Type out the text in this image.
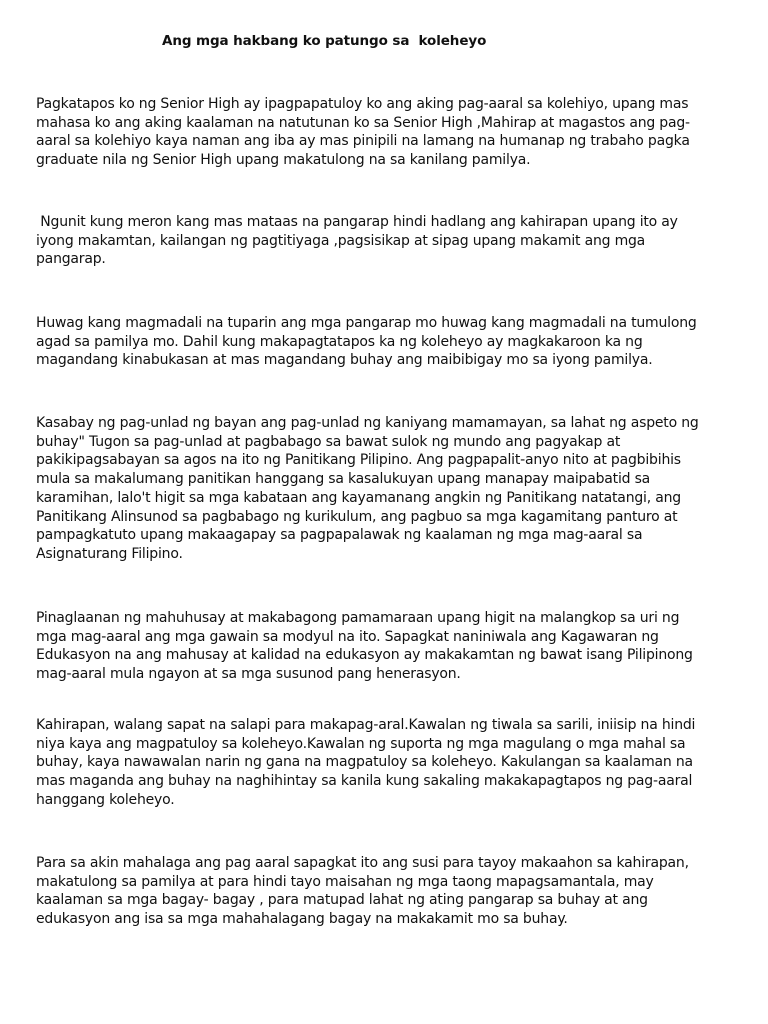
Ang mga hakbang ko patungo sa  koleheyo

Pagkatapos ko ng Senior High ay ipagpapatuloy ko ang aking pag-aaral sa kolehiyo, upang mas
mahasa ko ang aking kaalaman na natutunan ko sa Senior High ,Mahirap at magastos ang pag-
aaral sa kolehiyo kaya naman ang iba ay mas pinipili na lamang na humanap ng trabaho pagka
graduate nila ng Senior High upang makatulong na sa kanilang pamilya.

Ngunit kung meron kang mas mataas na pangarap hindi hadlang ang kahirapan upang ito ay
iyong makamtan, kailangan ng pagtitiyaga ,pagsisikap at sipag upang makamit ang mga
pangarap.

Huwag kang magmadali na tuparin ang mga pangarap mo huwag kang magmadali na tumulong
agad sa pamilya mo. Dahil kung makapagtatapos ka ng koleheyo ay magkakaroon ka ng
magandang kinabukasan at mas magandang buhay ang maibibigay mo sa iyong pamilya.

Kasabay ng pag-unlad ng bayan ang pag-unlad ng kaniyang mamamayan, sa lahat ng aspeto ng
buhay" Tugon sa pag-unlad at pagbabago sa bawat sulok ng mundo ang pagyakap at
pakikipagsabayan sa agos na ito ng Panitikang Pilipino. Ang pagpapalit-anyo nito at pagbibihis
mula sa makalumang panitikan hanggang sa kasalukuyan upang manapay maipabatid sa
karamihan, lalo't higit sa mga kabataan ang kayamanang angkin ng Panitikang natatangi, ang
Panitikang Alinsunod sa pagbabago ng kurikulum, ang pagbuo sa mga kagamitang panturo at
pampagkatuto upang makaagapay sa pagpapalawak ng kaalaman ng mga mag-aaral sa
Asignaturang Filipino.

Pinaglaanan ng mahuhusay at makabagong pamamaraan upang higit na malangkop sa uri ng
mga mag-aaral ang mga gawain sa modyul na ito. Sapagkat naniniwala ang Kagawaran ng
Edukasyon na ang mahusay at kalidad na edukasyon ay makakamtan ng bawat isang Pilipinong
mag-aaral mula ngayon at sa mga susunod pang henerasyon.

Kahirapan, walang sapat na salapi para makapag-aral.Kawalan ng tiwala sa sarili, iniisip na hindi
niya kaya ang magpatuloy sa koleheyo.Kawalan ng suporta ng mga magulang o mga mahal sa
buhay, kaya nawawalan narin ng gana na magpatuloy sa koleheyo. Kakulangan sa kaalaman na
mas maganda ang buhay na naghihintay sa kanila kung sakaling makakapagtapos ng pag-aaral
hanggang koleheyo.

Para sa akin mahalaga ang pag aaral sapagkat ito ang susi para tayoy makaahon sa kahirapan,
makatulong sa pamilya at para hindi tayo maisahan ng mga taong mapagsamantala, may
kaalaman sa mga bagay- bagay , para matupad lahat ng ating pangarap sa buhay at ang
edukasyon ang isa sa mga mahahalagang bagay na makakamit mo sa buhay.
